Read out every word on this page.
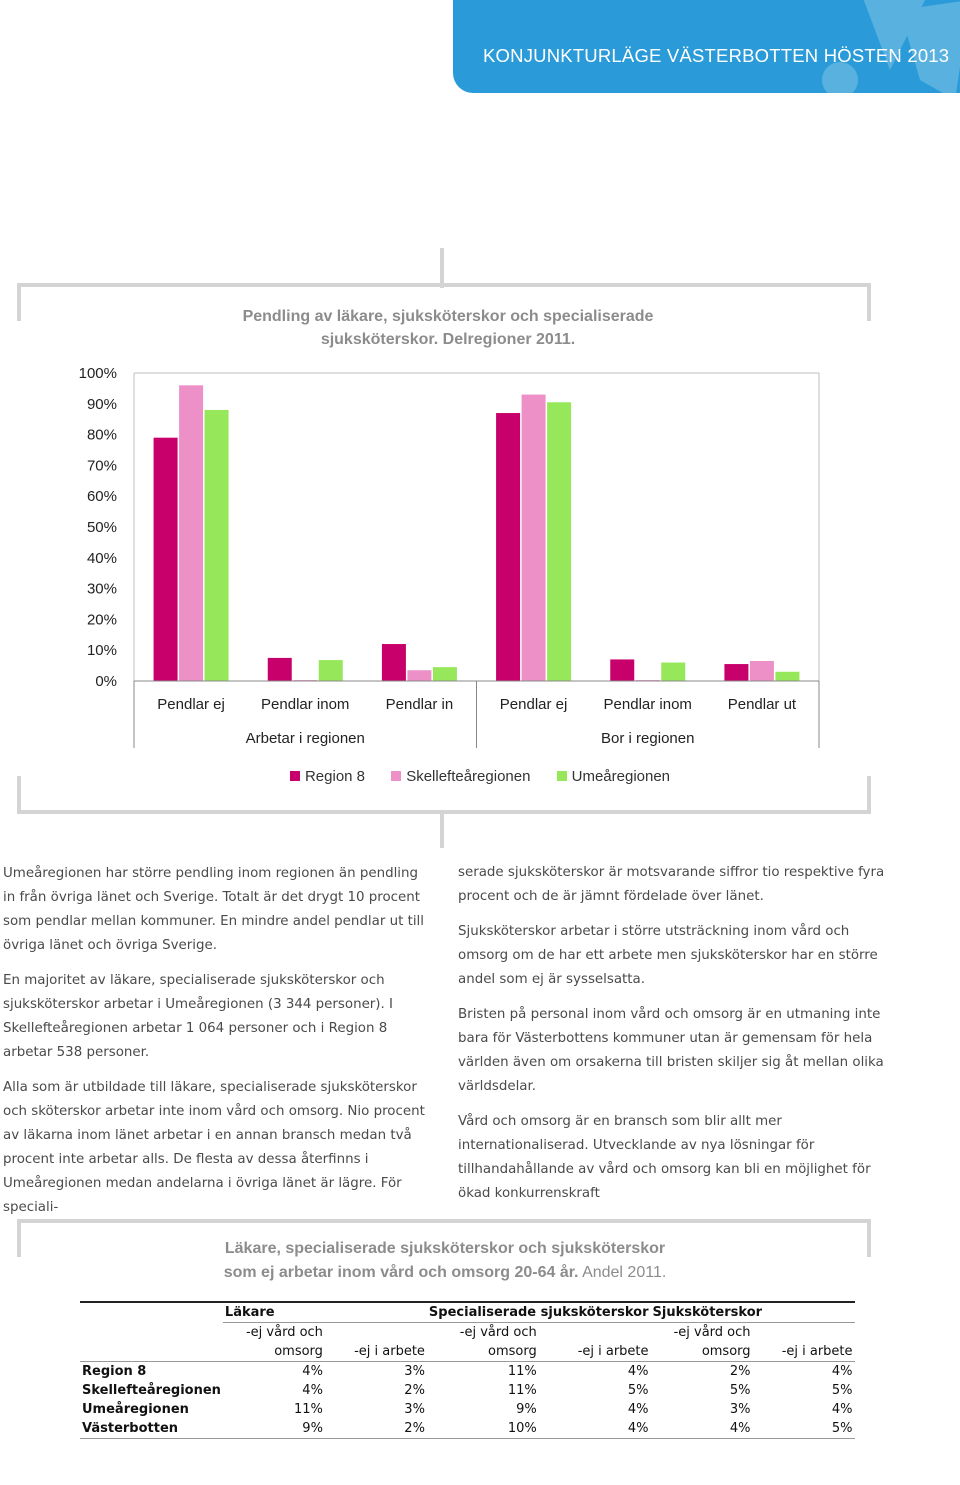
KONJUNKTURLÄGE VÄSTERBOTTEN HÖSTEN 2013
Pendling av läkare, sjuksköterskor och specialiserade
sjuksköterskor. Delregioner 2011.
0%
10%
20%
30%
40%
50%
60%
70%
80%
90%
100%
Pendlar ej Pendlar inom Pendlar in	Pendlar ej Pendlar inom Pendlar ut
Arbetar i regionen	Bor i regionen
Region 8	Skellefteåregionen	Umeåregionen

Umeåregionen har större pendling inom regionen än pendling in från övriga länet och Sverige. Totalt är det drygt 10 procent som pendlar mellan kommuner. En mindre andel pendlar ut till övriga länet och övriga Sverige.

En majoritet av läkare, specialiserade sjuksköterskor och sjuksköterskor arbetar i Umeåregionen (3 344 personer). I Skellefteåregionen arbetar 1 064 personer och i Region 8 arbetar 538 personer.

Alla som är utbildade till läkare, specialiserade sjuksköterskor och sköterskor arbetar inte inom vård och omsorg. Nio procent av läkarna inom länet arbetar i en annan bransch medan två procent inte arbetar alls. De flesta av dessa återfinns i Umeåregionen medan andelarna i övriga länet är lägre. För speciali-

serade sjuksköterskor är motsvarande siffror tio respektive fyra procent och de är jämnt fördelade över länet.

Sjuksköterskor arbetar i större utsträckning inom vård och omsorg om de har ett arbete men sjuksköterskor har en större andel som ej är sysselsatta.

Bristen på personal inom vård och omsorg är en utmaning inte bara för Västerbottens kommuner utan är gemensam för hela världen även om orsakerna till bristen skiljer sig åt mellan olika världsdelar.

Vård och omsorg är en bransch som blir allt mer internationaliserad. Utvecklande av nya lösningar för tillhandahållande av vård och omsorg kan bli en möjlighet för ökad konkurrenskraft

Läkare, specialiserade sjuksköterskor och sjuksköterskor
som ej arbetar inom vård och omsorg 20-64 år. Andel 2011.
	Läkare		Specialiserade sjuksköterskor		Sjuksköterskor	
	-ej vård och		-ej vård och		-ej vård och	
	omsorg	-ej i arbete	omsorg	-ej i arbete	omsorg	-ej i arbete
Region 8	4%	3%	11%	4%	2%	4%
Skellefteåregionen	4%	2%	11%	5%	5%	5%
Umeåregionen	11%	3%	9%	4%	3%	4%
Västerbotten	9%	2%	10%	4%	4%	5%
